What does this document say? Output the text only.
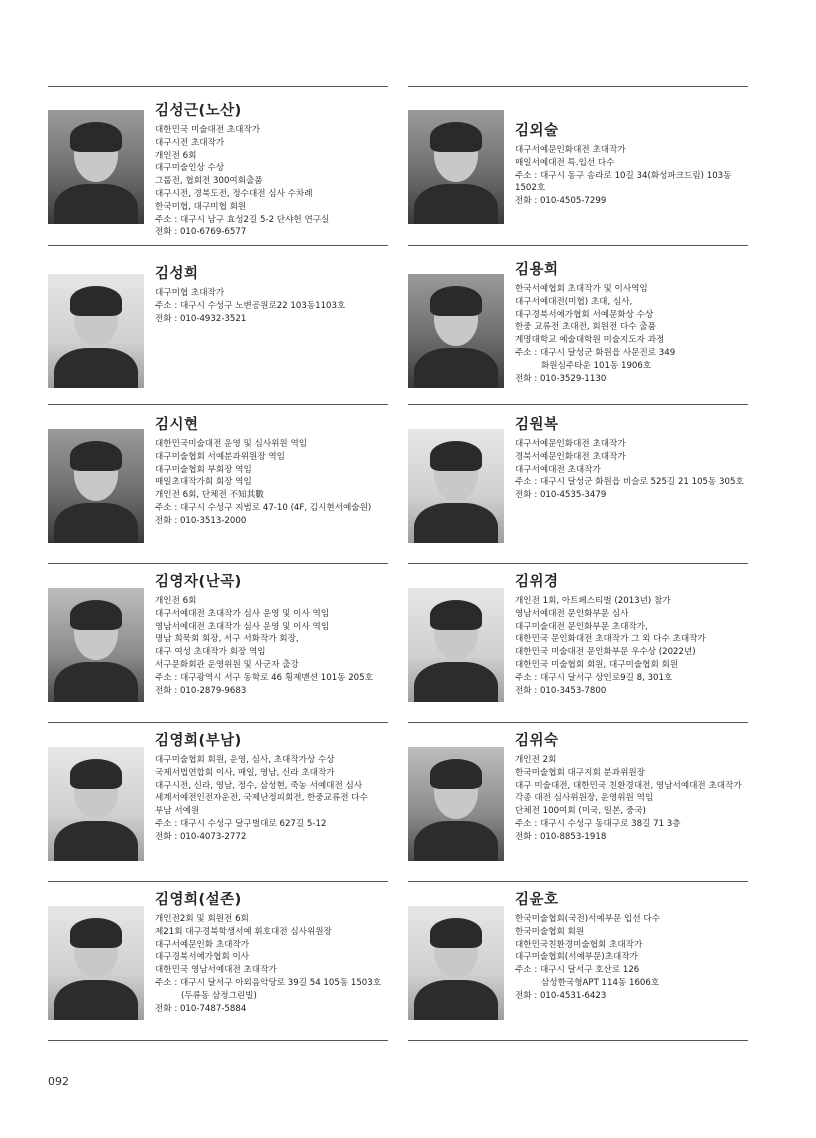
김성근(노산)
대한민국 미술대전 초대작가
대구시전 초대작가
개인전 6회
대구미술인상 수상
그룹전, 협회전 300여회출품
대구시전, 경북도전, 정수대전 심사 수차례
한국미협, 대구미협 회원
주소 : 대구시 남구 효성2길 5-2 단샤헌 연구실
전화 : 010-6769-6577
김성희
대구미협 초대작가
주소 : 대구시 수성구 노변공원로22 103동1103호
전화 : 010-4932-3521
김시현
대한민국미술대전 운영 및 심사위원 역임
대구미술협회 서예분과위원장 역임
대구미술협회 부회장 역임
매일초대작가회 회장 역임
개인전 6회, 단체전 不知其數
주소 : 대구시 수성구 지범로 47-10 (4F, 김시현서예술원)
전화 : 010-3513-2000
김영자(난곡)
개인전 6회
대구서예대전 초대작가 심사 운영 및 이사 역임
영남서예대전 초대작가 심사 운영 및 이사 역임
명남 희묵회 회장, 서구 서화작가 회장,
대구 여성 초대작가 회장 역임
서구문화회관 운영위원 및 사군자 출강
주소 : 대구광역시 서구 동학로 46 횡제맨션 101동 205호
전화 : 010-2879-9683
김영희(부남)
대구미술협회 회원, 운영, 심사, 초대작가상 수상
국제서법연합회 이사, 매일, 영남, 신라 초대작가
대구시전, 신라, 영남, 정수, 삼성현, 죽농 서예대전 심사
세계서예전인전자운전, 국제난정피회전, 한중교류전 다수
부남 서예원
주소 : 대구시 수성구 달구벌대로 627길 5-12
전화 : 010-4073-2772
김영희(설존)
개인전2회 및 회원전 6회
제21회 대구경북학생서예 휘호대전 심사위원장
대구서예문인화 초대작가
대구경북서예가협회 이사
대한민국 영남서예대전 초대작가
주소 : 대구시 달서구 아외음악당로 39길 54 105동 1503호
(두류동 삼정그린빌)
전화 : 010-7487-5884
김외술
대구서예문인화대전 초대작가
매일서예대전 특.입선 다수
주소 : 대구시 동구 송라로 10길 34(화성파크드림) 103동
1502호
전화 : 010-4505-7299
김용희
한국서예협회 초대작가 및 이사역임
대구서예대전(미협) 초대, 심사,
대구경북서예가협회 서예문화상 수상
한중 교류전 초대전, 회원전 다수 출품
계명대학교 예술대학원 미술지도자 과정
주소 : 대구시 달성군 화원읍 사문진로 349
화원심주타운 101동 1906호
전화 : 010-3529-1130
김원복
대구서예문인화대전 초대작가
경북서예문인화대전 초대작가
대구서예대전 초대작가
주소 : 대구시 달성군 화원읍 비슬로 525길 21 105동 305호
전화 : 010-4535-3479
김위경
개인전 1회, 아트페스티벌 (2013년) 참가
영남서예대전 문인화부문 심사
대구미술대전 문인화부문 초대작가,
대한민국 문인화대전 초대작가 그 외 다수 초대작가
대한민국 미술대전 문인화부문 우수상 (2022년)
대한민국 미술협회 회원, 대구미술협회 회원
주소 : 대구시 달서구 상인로9길 8, 301호
전화 : 010-3453-7800
김위숙
개인전 2회
한국미술협회 대구지회 분과위원장
대구 미술대전, 대한민국 친환경대전, 영남서예대전 초대작가
각종 대전 심사위원장, 운영위원 역임
단체전 100여회 (미국, 일본, 중국)
주소 : 대구시 수성구 동대구로 38길 71 3층
전화 : 010-8853-1918
김윤호
한국미술협회(국전)서예부문 입선 다수
한국미술협회 회원
대한민국친환경미술협회 초대작가
대구미술협회(서예부문)초대작가
주소 : 대구시 달서구 호산로 126
삼성한국형APT 114동 1606호
전화 : 010-4531-6423
092
